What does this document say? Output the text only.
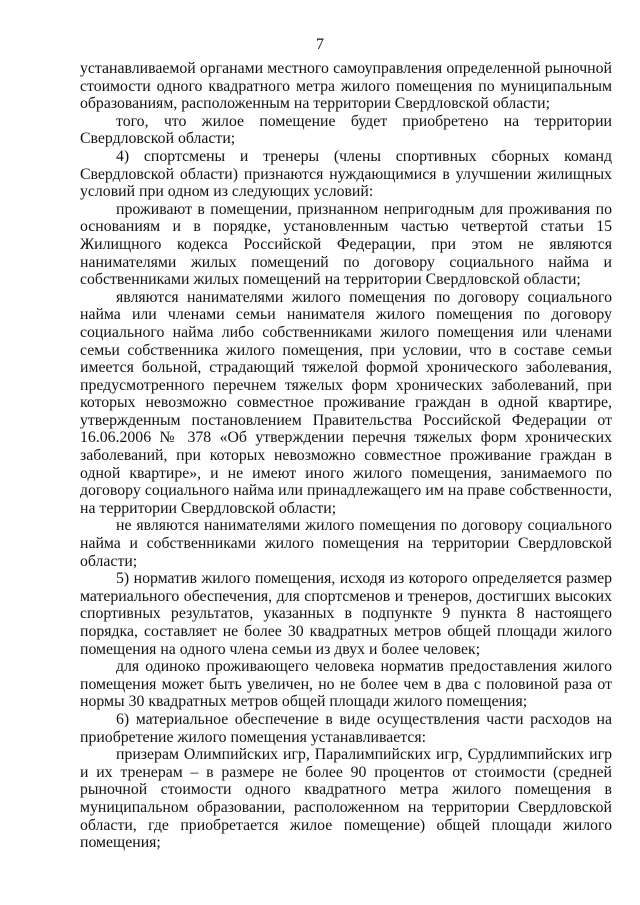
7

устанавливаемой органами местного самоуправления определенной рыночной стоимости одного квадратного метра жилого помещения по муниципальным образованиям, расположенным на территории Свердловской области;

того, что жилое помещение будет приобретено на территории Свердловской области;

4) спортсмены и тренеры (члены спортивных сборных команд Свердловской области) признаются нуждающимися в улучшении жилищных условий при одном из следующих условий:

проживают в помещении, признанном непригодным для проживания по основаниям и в порядке, установленным частью четвертой статьи 15 Жилищного кодекса Российской Федерации, при этом не являются нанимателями жилых помещений по договору социального найма и собственниками жилых помещений на территории Свердловской области;

являются нанимателями жилого помещения по договору социального найма или членами семьи нанимателя жилого помещения по договору социального найма либо собственниками жилого помещения или членами семьи собственника жилого помещения, при условии, что в составе семьи имеется больной, страдающий тяжелой формой хронического заболевания, предусмотренного перечнем тяжелых форм хронических заболеваний, при которых невозможно совместное проживание граждан в одной квартире, утвержденным постановлением Правительства Российской Федерации от 16.06.2006 № 378 «Об утверждении перечня тяжелых форм хронических заболеваний, при которых невозможно совместное проживание граждан в одной квартире», и не имеют иного жилого помещения, занимаемого по договору социального найма или принадлежащего им на праве собственности, на территории Свердловской области;

не являются нанимателями жилого помещения по договору социального найма и собственниками жилого помещения на территории Свердловской области;

5) норматив жилого помещения, исходя из которого определяется размер материального обеспечения, для спортсменов и тренеров, достигших высоких спортивных результатов, указанных в подпункте 9 пункта 8 настоящего порядка, составляет не более 30 квадратных метров общей площади жилого помещения на одного члена семьи из двух и более человек;

для одиноко проживающего человека норматив предоставления жилого помещения может быть увеличен, но не более чем в два с половиной раза от нормы 30 квадратных метров общей площади жилого помещения;

6) материальное обеспечение в виде осуществления части расходов на приобретение жилого помещения устанавливается:

призерам Олимпийских игр, Паралимпийских игр, Сурдлимпийских игр и их тренерам – в размере не более 90 процентов от стоимости (средней рыночной стоимости одного квадратного метра жилого помещения в муниципальном образовании, расположенном на территории Свердловской области, где приобретается жилое помещение) общей площади жилого помещения;
